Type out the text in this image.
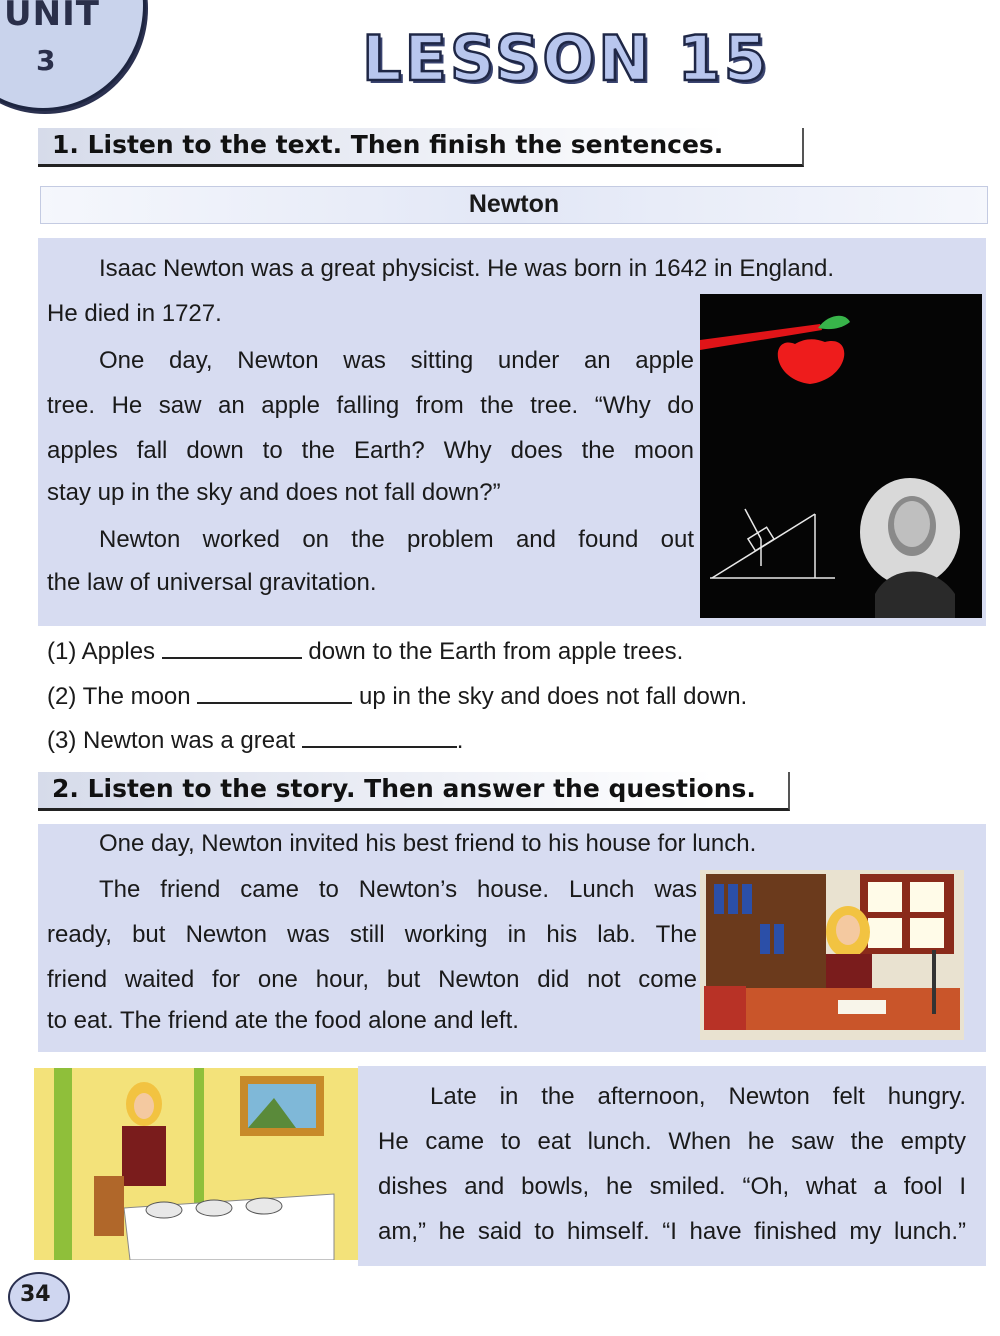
UNIT
3	LESSON 15
1. Listen to the text. Then finish the sentences.
Newton
Isaac Newton was a great physicist. He was born in 1642 in England.
He died in 1727.
One day, Newton was sitting under an apple
tree. He saw an apple falling from the tree. “Why do
apples fall down to the Earth? Why does the moon
stay up in the sky and does not fall down?”
Newton worked on the problem and found out
the law of universal gravitation.
(1) Apples	down to the Earth from apple trees.
(2) The moon	up in the sky and does not fall down.
(3) Newton was a great	.
2. Listen to the story. Then answer the questions.
One day, Newton invited his best friend to his house for lunch.
The friend came to Newton’s house. Lunch was
ready, but Newton was still working in his lab. The
friend waited for one hour, but Newton did not come
to eat. The friend ate the food alone and left.
Late in the afternoon, Newton felt hungry.
He came to eat lunch. When he saw the empty
dishes and bowls, he smiled. “Oh, what a fool I
am,” he said to himself. “I have finished my lunch.”
34
